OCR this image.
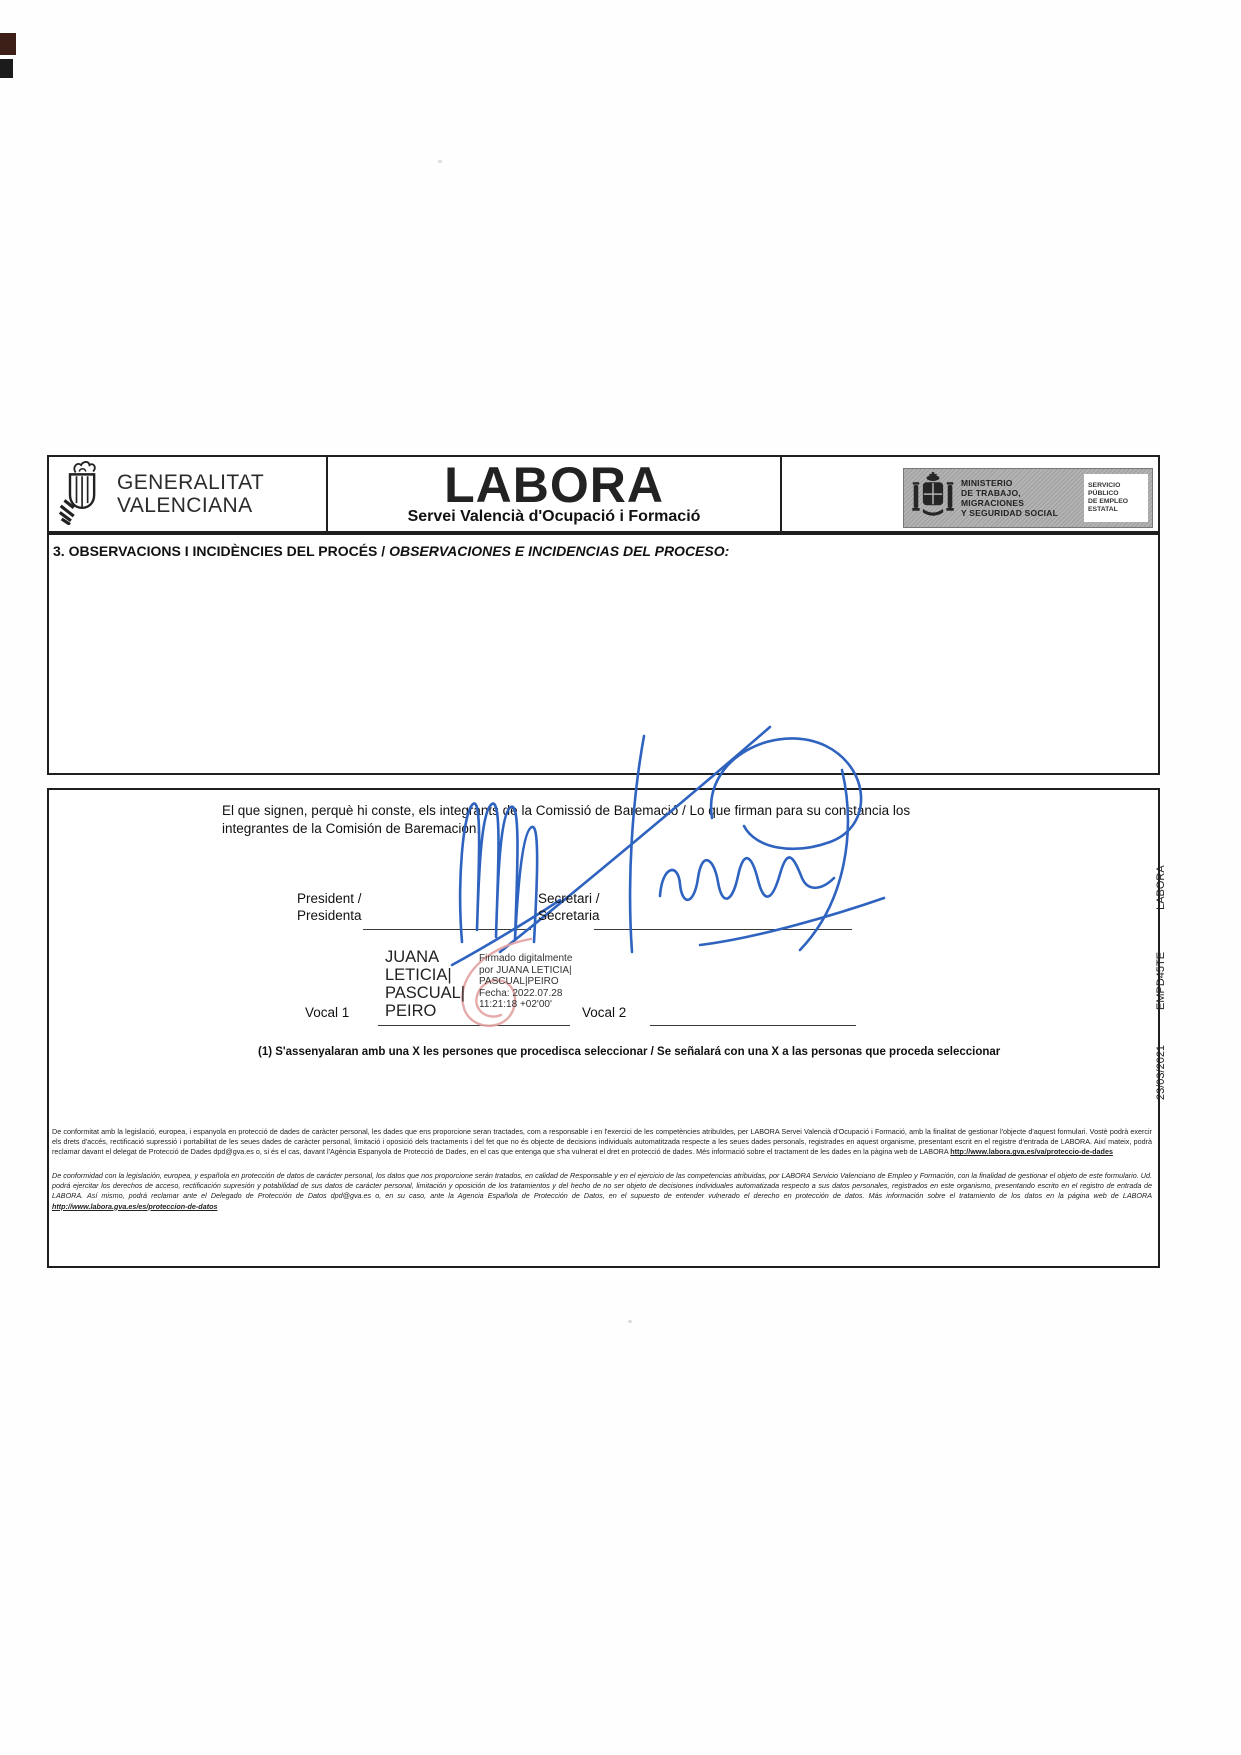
GENERALITAT
VALENCIANA	LABORA
Servei Valencià d'Ocupació i Formació
MINISTERIO
DE TRABAJO, MIGRACIONES
Y SEGURIDAD SOCIAL
SERVICIO PÚBLICO
DE EMPLEO ESTATAL
3. OBSERVACIONS I INCIDÈNCIES DEL PROCÉS / OBSERVACIONES E INCIDENCIAS DEL PROCESO:

El que signen, perquè hi conste, els integrants de la Comissió de Baremació / Lo que firman para su constancia los integrantes de la Comisión de Baremación.

President /
Presidenta
Secretari /
Secretaria
Vocal 1
JUANA
LETICIA|
PASCUAL|
PEIRO
Firmado digitalmente
por JUANA LETICIA|
PASCUAL|PEIRO
Fecha: 2022.07.28
11:21:18 +02'00'
Vocal 2
(1) S'assenyalaran amb una X les persones que procedisca seleccionar / Se señalará con una X a las personas que proceda seleccionar

De conformitat amb la legislació, europea, i espanyola en protecció de dades de caràcter personal, les dades que ens proporcione seran tractades, com a responsable i en l'exercici de les competències atribuïdes, per LABORA Servei Valencià d'Ocupació i Formació, amb la finalitat de gestionar l'objecte d'aquest formulari. Vostè podrà exercir els drets d'accés, rectificació supressió i portabilitat de les seues dades de caràcter personal, limitació i oposició dels tractaments i del fet que no és objecte de decisions individuals automatitzada respecte a les seues dades personals, registrades en aquest organisme, presentant escrit en el registre d'entrada de LABORA. Així mateix, podrà reclamar davant el delegat de Protecció de Dades dpd@gva.es o, si és el cas, davant l'Agència Espanyola de Protecció de Dades, en el cas que entenga que s'ha vulnerat el dret en protecció de dades. Més informació sobre el tractament de les dades en la pàgina web de LABORA http://www.labora.gva.es/va/proteccio-de-dades

De conformidad con la legislación, europea, y española en protección de datos de carácter personal, los datos que nos proporcione serán tratados, en calidad de Responsable y en el ejercicio de las competencias atribuidas, por LABORA Servicio Valenciano de Empleo y Formación, con la finalidad de gestionar el objeto de este formulario. Ud. podrá ejercitar los derechos de acceso, rectificación supresión y potabilidad de sus datos de carácter personal, limitación y oposición de los tratamientos y del hecho de no ser objeto de decisiones individuales automatizada respecto a sus datos personales, registrados en este organismo, presentando escrito en el registro de entrada de LABORA. Así mismo, podrá reclamar ante el Delegado de Protección de Datos dpd@gva.es o, en su caso, ante la Agencia Española de Protección de Datos, en el supuesto de entender vulnerado el derecho en protección de datos. Más información sobre el tratamiento de los datos en la página web de LABORA http://www.labora.gva.es/es/proteccion-de-datos

EMPD45TELABORA
23/03/2021
